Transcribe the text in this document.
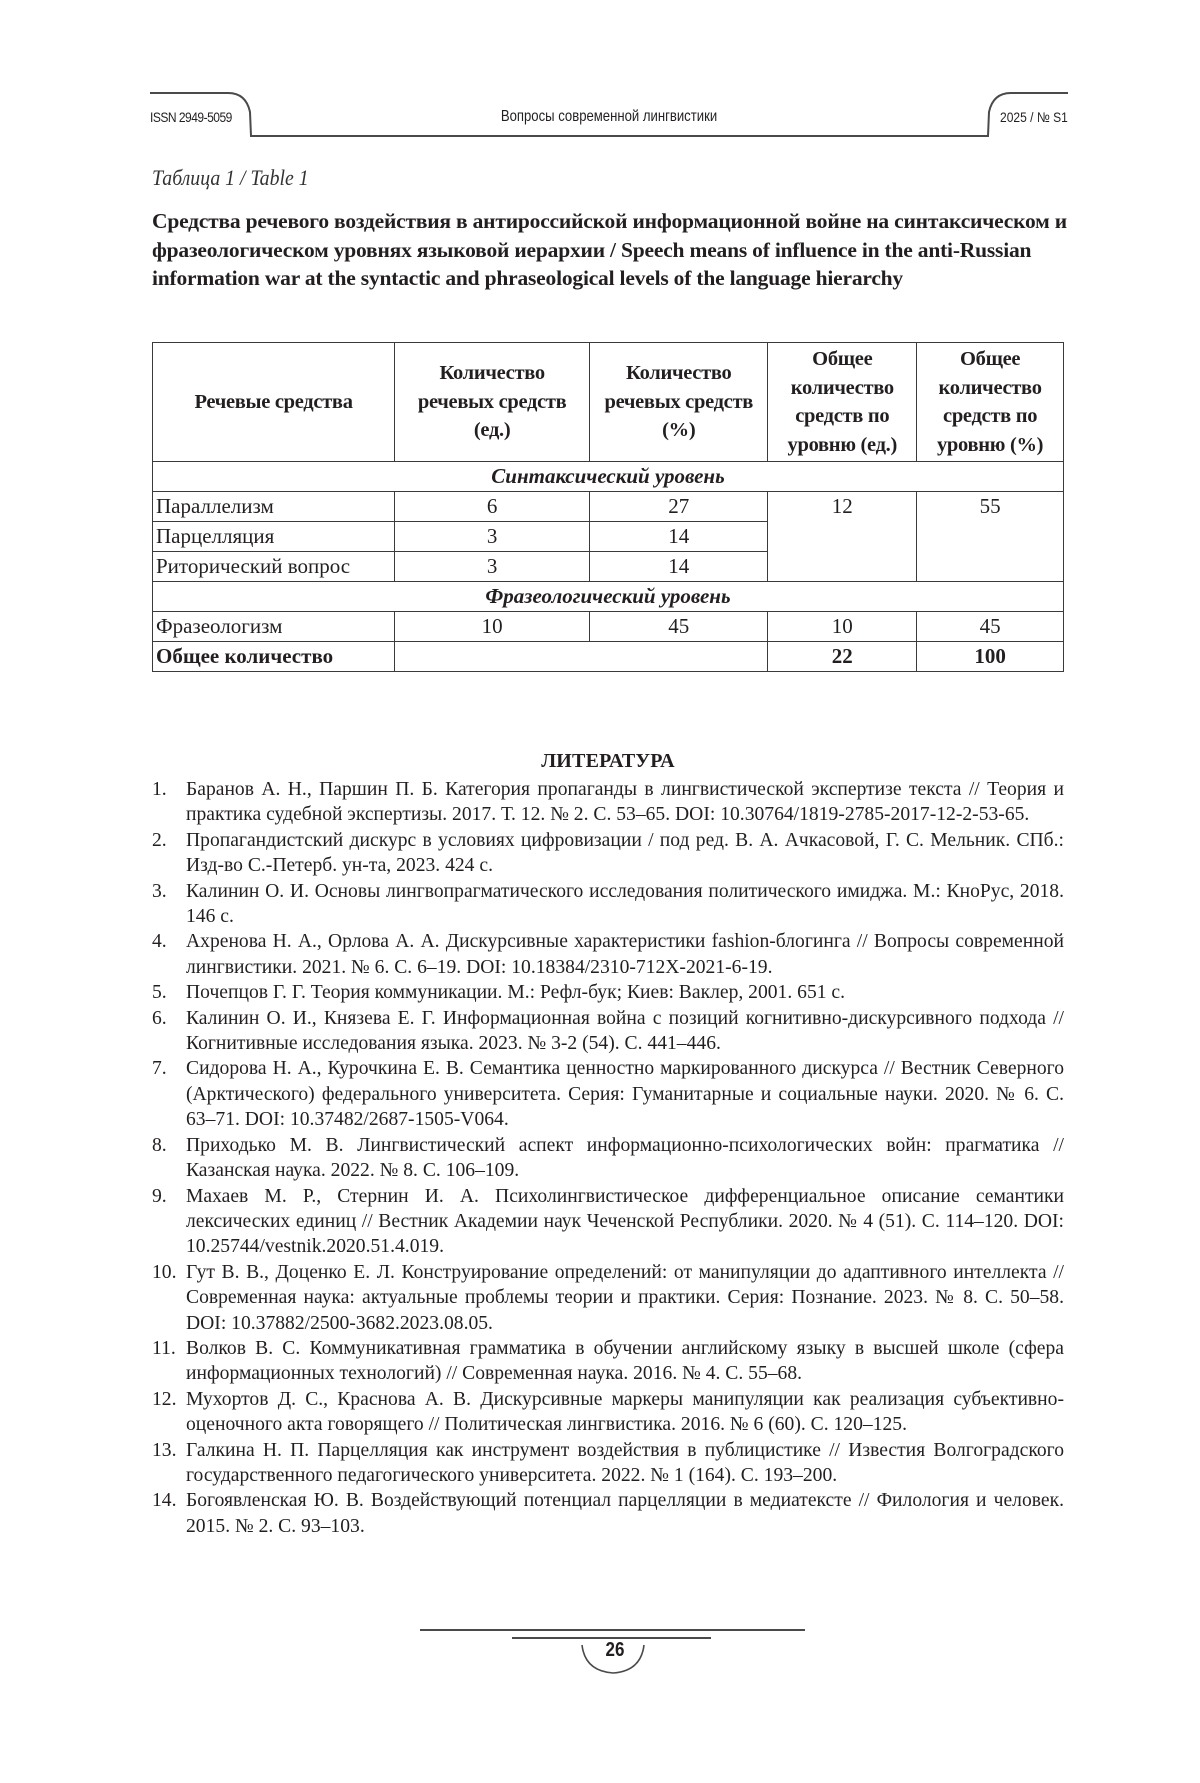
ISSN 2949-5059	Вопросы современной лингвистики	2025 / № S1
Таблица 1 / Table 1
Средства речевого воздействия в антироссийской информационной войне на синтаксическом и фразеологическом уровнях языковой иерархии / Speech means of influence in the anti-Russian information war at the syntactic and phraseological levels of the language hierarchy
Речевые средства	Количество речевых средств (ед.)	Количество речевых средств (%)	Общее количество средств по уровню (ед.)	Общее количество средств по уровню (%)
Синтаксический уровень				
Параллелизм	6	27	12	55
Парцелляция	3	14		
Риторический вопрос	3	14		
Фразеологический уровень				
Фразеологизм	10	45	10	45
Общее количество			22	100
ЛИТЕРАТУРА
1. Баранов А. Н., Паршин П. Б. Категория пропаганды в лингвистической экспертизе текста // Теория и практика судебной экспертизы. 2017. Т. 12. № 2. С. 53–65. DOI: 10.30764/1819-2785-2017-12-2-53-65.
2. Пропагандистский дискурс в условиях цифровизации / под ред. В. А. Ачкасовой, Г. С. Мельник. СПб.: Изд-во С.-Петерб. ун-та, 2023. 424 с.
3. Калинин О. И. Основы лингвопрагматического исследования политического имиджа. М.: КноРус, 2018. 146 с.
4. Ахренова Н. А., Орлова А. А. Дискурсивные характеристики fashion-блогинга // Вопросы современной лингвистики. 2021. № 6. С. 6–19. DOI: 10.18384/2310-712X-2021-6-19.
5. Почепцов Г. Г. Теория коммуникации. М.: Рефл-бук; Киев: Ваклер, 2001. 651 с.
6. Калинин О. И., Князева Е. Г. Информационная война с позиций когнитивно-дискурсивного подхода // Когнитивные исследования языка. 2023. № 3-2 (54). С. 441–446.
7. Сидорова Н. А., Курочкина Е. В. Семантика ценностно маркированного дискурса // Вестник Северного (Арктического) федерального университета. Серия: Гуманитарные и социальные науки. 2020. № 6. С. 63–71. DOI: 10.37482/2687-1505-V064.
8. Приходько М. В. Лингвистический аспект информационно-психологических войн: прагматика // Казанская наука. 2022. № 8. С. 106–109.
9. Махаев М. Р., Стернин И. А. Психолингвистическое дифференциальное описание семантики лексических единиц // Вестник Академии наук Чеченской Республики. 2020. № 4 (51). С. 114–120. DOI: 10.25744/vestnik.2020.51.4.019.
10. Гут В. В., Доценко Е. Л. Конструирование определений: от манипуляции до адаптивного интеллекта // Современная наука: актуальные проблемы теории и практики. Серия: Познание. 2023. № 8. С. 50–58. DOI: 10.37882/2500-3682.2023.08.05.
11. Волков В. С. Коммуникативная грамматика в обучении английскому языку в высшей школе (сфера информационных технологий) // Современная наука. 2016. № 4. С. 55–68.
12. Мухортов Д. С., Краснова А. В. Дискурсивные маркеры манипуляции как реализация субъективно-оценочного акта говорящего // Политическая лингвистика. 2016. № 6 (60). С. 120–125.
13. Галкина Н. П. Парцелляция как инструмент воздействия в публицистике // Известия Волгоградского государственного педагогического университета. 2022. № 1 (164). С. 193–200.
14. Богоявленская Ю. В. Воздействующий потенциал парцелляции в медиатексте // Филология и человек. 2015. № 2. С. 93–103.
26
